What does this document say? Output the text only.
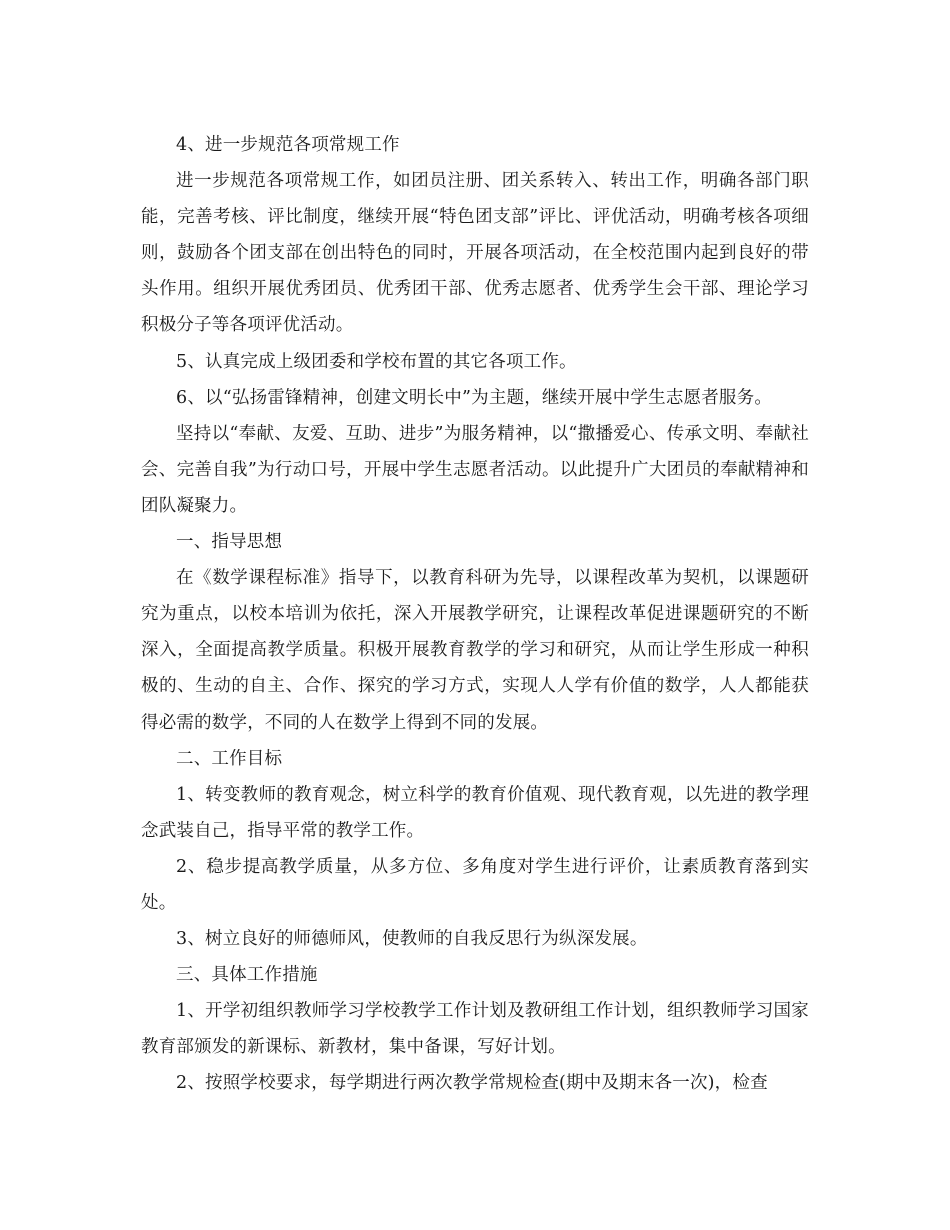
4、进一步规范各项常规工作

进一步规范各项常规工作，如团员注册、团关系转入、转出工作，明确各部门职能，完善考核、评比制度，继续开展“特色团支部”评比、评优活动，明确考核各项细则，鼓励各个团支部在创出特色的同时，开展各项活动，在全校范围内起到良好的带头作用。组织开展优秀团员、优秀团干部、优秀志愿者、优秀学生会干部、理论学习积极分子等各项评优活动。

5、认真完成上级团委和学校布置的其它各项工作。

6、以“弘扬雷锋精神，创建文明长中”为主题，继续开展中学生志愿者服务。

坚持以“奉献、友爱、互助、进步”为服务精神，以“撒播爱心、传承文明、奉献社会、完善自我”为行动口号，开展中学生志愿者活动。以此提升广大团员的奉献精神和团队凝聚力。

一、指导思想

在《数学课程标准》指导下，以教育科研为先导，以课程改革为契机，以课题研究为重点，以校本培训为依托，深入开展教学研究，让课程改革促进课题研究的不断深入，全面提高教学质量。积极开展教育教学的学习和研究，从而让学生形成一种积极的、生动的自主、合作、探究的学习方式，实现人人学有价值的数学，人人都能获得必需的数学，不同的人在数学上得到不同的发展。

二、工作目标

1、转变教师的教育观念，树立科学的教育价值观、现代教育观，以先进的教学理念武装自己，指导平常的教学工作。

2、稳步提高教学质量，从多方位、多角度对学生进行评价，让素质教育落到实处。

3、树立良好的师德师风，使教师的自我反思行为纵深发展。

三、具体工作措施

1、开学初组织教师学习学校教学工作计划及教研组工作计划，组织教师学习国家教育部颁发的新课标、新教材，集中备课，写好计划。

2、按照学校要求，每学期进行两次教学常规检查(期中及期末各一次)，检查
